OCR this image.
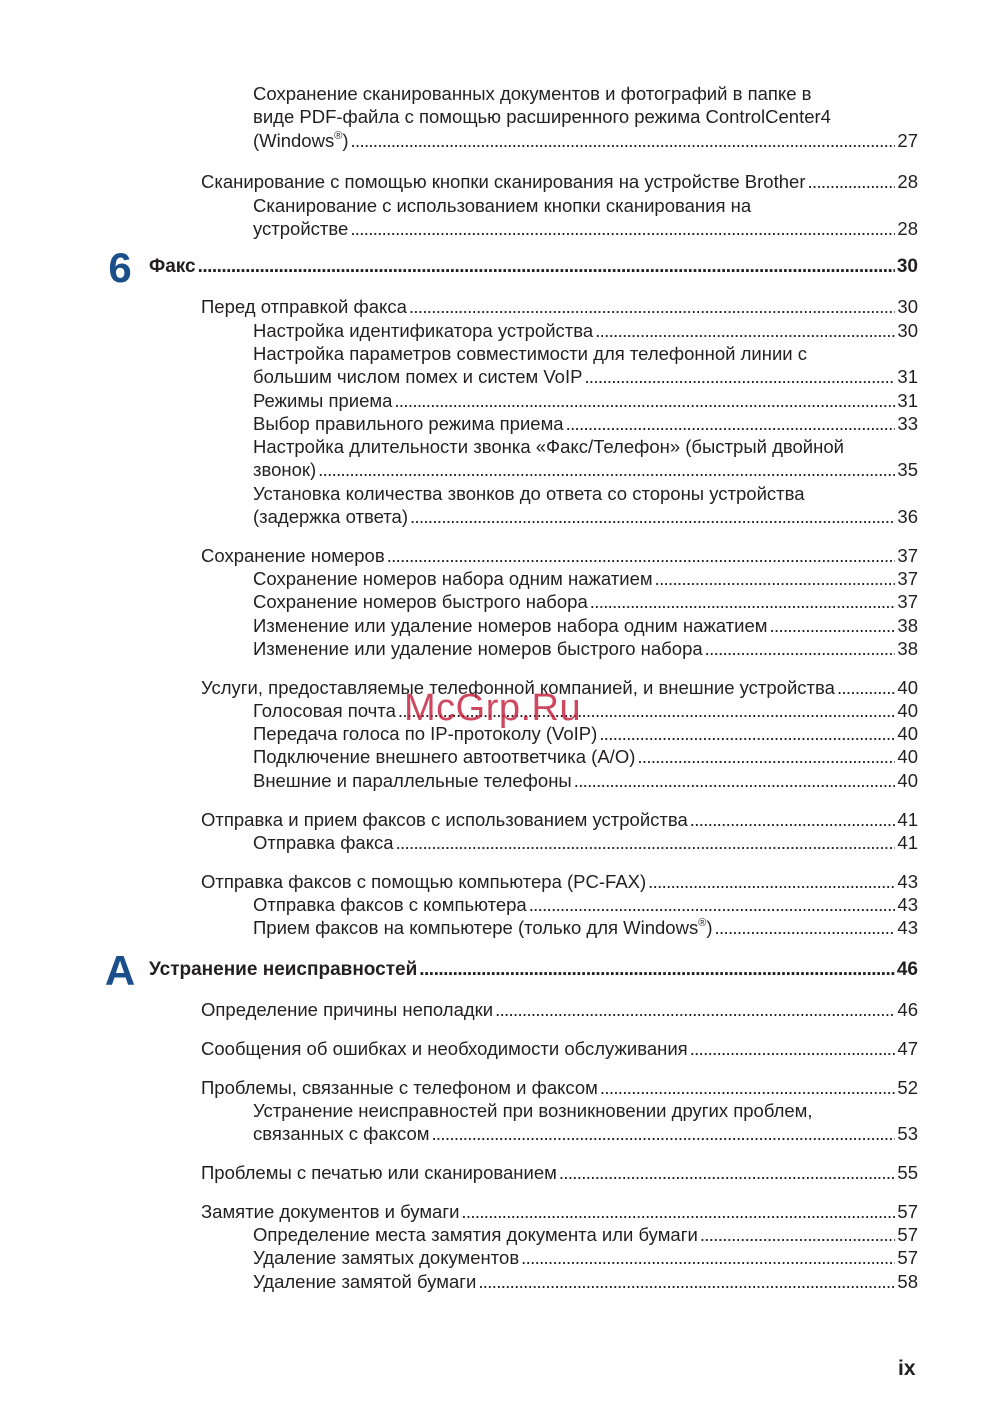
Сохранение сканированных документов и фотографий в папке в
виде PDF-файла с помощью расширенного режима ControlCenter4
(Windows®) . . .	27
Сканирование с помощью кнопки сканирования на устройстве Brother . . .	28
Сканирование с использованием кнопки сканирования на
устройстве . . .	28
6 Факс . . .	30
Перед отправкой факса . . .	30
Настройка идентификатора устройства . . .	30
Настройка параметров совместимости для телефонной линии с
большим числом помех и систем VoIP . . .	31
Режимы приема . . .	31
Выбор правильного режима приема . . .	33
Настройка длительности звонка «Факс/Телефон» (быстрый двойной
звонок) . . .	35
Установка количества звонков до ответа со стороны устройства
(задержка ответа) . . .	36
Сохранение номеров . . .	37
Сохранение номеров набора одним нажатием . . .	37
Сохранение номеров быстрого набора . . .	37
Изменение или удаление номеров набора одним нажатием . . .	38
Изменение или удаление номеров быстрого набора . . .	38
Услуги, предоставляемые телефонной компанией, и внешние устройства . . .	40
Голосовая почта . . .	40
Передача голоса по IP-протоколу (VoIP) . . .	40
Подключение внешнего автоответчика (A/O) . . .	40
Внешние и параллельные телефоны . . .	40
Отправка и прием факсов с использованием устройства . . .	41
Отправка факса . . .	41
Отправка факсов с помощью компьютера (PC-FAX) . . .	43
Отправка факсов с компьютера . . .	43
Прием факсов на компьютере (только для Windows®) . . .	43
A Устранение неисправностей . . .	46
Определение причины неполадки . . .	46
Сообщения об ошибках и необходимости обслуживания . . .	47
Проблемы, связанные с телефоном и факсом . . .	52
Устранение неисправностей при возникновении других проблем,
связанных с факсом . . .	53
Проблемы с печатью или сканированием . . .	55
Замятие документов и бумаги . . .	57
Определение места замятия документа или бумаги . . .	57
Удаление замятых документов . . .	57
Удаление замятой бумаги . . .	58
McGrp.Ru
ix
